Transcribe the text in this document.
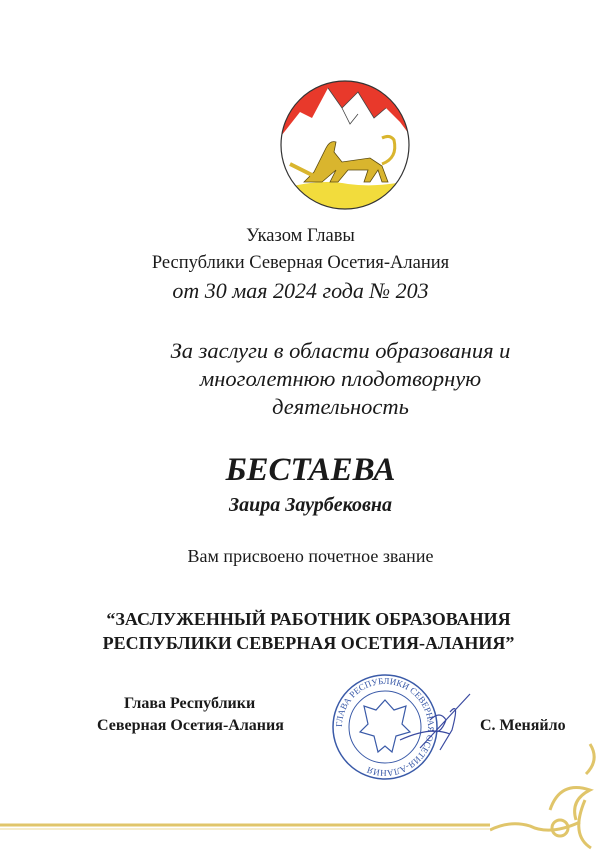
Указом Главы
Республики Северная Осетия-Алания
от 30 мая 2024 года № 203
За заслуги в области образования и
многолетнюю плодотворную
деятельность
БЕСТАЕВА
Заира Заурбековна
Вам присвоено почетное звание
“ЗАСЛУЖЕННЫЙ РАБОТНИК ОБРАЗОВАНИЯ
РЕСПУБЛИКИ СЕВЕРНАЯ ОСЕТИЯ-АЛАНИЯ”
ГЛАВА РЕСПУБЛИКИ СЕВЕРНАЯ ОСЕТИЯ-АЛАНИЯ
Глава Республики
Северная Осетия-Алания	С. Меняйло
